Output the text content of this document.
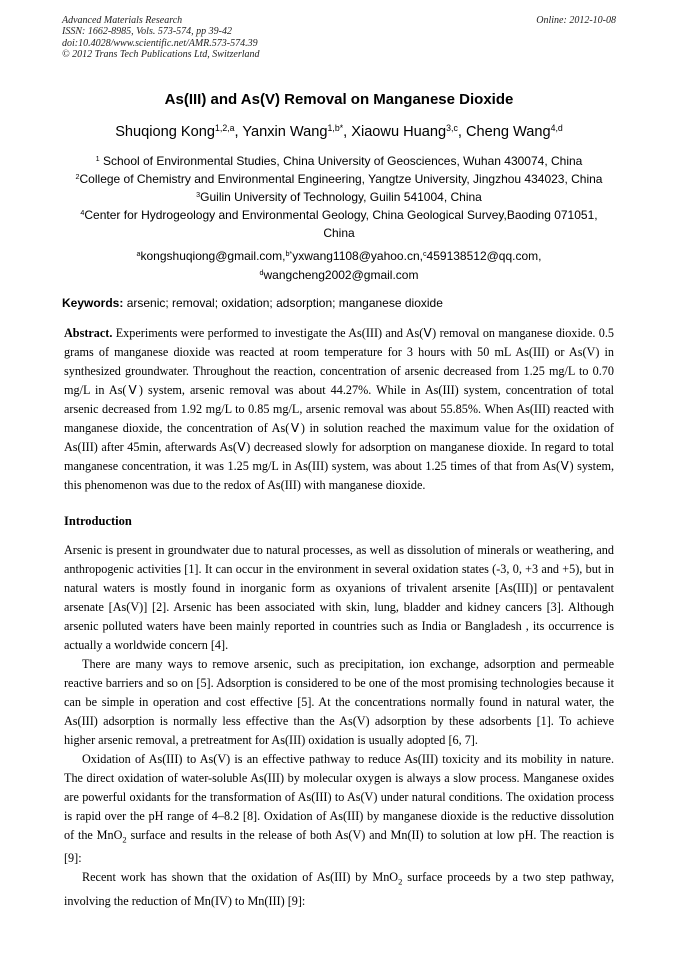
Advanced Materials Research
ISSN: 1662-8985, Vols. 573-574, pp 39-42
doi:10.4028/www.scientific.net/AMR.573-574.39
© 2012 Trans Tech Publications Ltd, Switzerland
Online: 2012-10-08
As(III) and As(V) Removal on Manganese Dioxide
Shuqiong Kong$^{1,2,a}$, Yanxin Wang$^{1,b*}$, Xiaowu Huang$^{3,c}$, Cheng Wang$^{4,d}$
$^1$ School of Environmental Studies, China University of Geosciences, Wuhan 430074, China
$^2$College of Chemistry and Environmental Engineering, Yangtze University, Jingzhou 434023, China
$^3$Guilin University of Technology, Guilin 541004, China
$^4$Center for Hydrogeology and Environmental Geology, China Geological Survey,Baoding 071051,
China
$^a$kongshuqiong@gmail.com,$^{b*}$yxwang1108@yahoo.cn,$^c$459138512@qq.com,
$^d$wangcheng2002@gmail.com
Keywords: arsenic; removal; oxidation; adsorption; manganese dioxide

Abstract. Experiments were performed to investigate the As(III) and As(Ⅴ) removal on manganese dioxide. 0.5 grams of manganese dioxide was reacted at room temperature for 3 hours with 50 mL As(III) or As(V) in synthesized groundwater. Throughout the reaction, concentration of arsenic decreased from 1.25 mg/L to 0.70 mg/L in As(Ⅴ) system, arsenic removal was about 44.27%. While in As(III) system, concentration of total arsenic decreased from 1.92 mg/L to 0.85 mg/L, arsenic removal was about 55.85%. When As(III) reacted with manganese dioxide, the concentration of As(Ⅴ) in solution reached the maximum value for the oxidation of As(III) after 45min, afterwards As(Ⅴ) decreased slowly for adsorption on manganese dioxide. In regard to total manganese concentration, it was 1.25 mg/L in As(III) system, was about 1.25 times of that from As(Ⅴ) system, this phenomenon was due to the redox of As(III) with manganese dioxide.

Introduction

Arsenic is present in groundwater due to natural processes, as well as dissolution of minerals or weathering, and anthropogenic activities [1]. It can occur in the environment in several oxidation states (-3, 0, +3 and +5), but in natural waters is mostly found in inorganic form as oxyanions of trivalent arsenite [As(III)] or pentavalent arsenate [As(V)] [2]. Arsenic has been associated with skin, lung, bladder and kidney cancers [3]. Although arsenic polluted waters have been mainly reported in countries such as India or Bangladesh , its occurrence is actually a worldwide concern [4].

There are many ways to remove arsenic, such as precipitation, ion exchange, adsorption and permeable reactive barriers and so on [5]. Adsorption is considered to be one of the most promising technologies because it can be simple in operation and cost effective [5]. At the concentrations normally found in natural water, the As(III) adsorption is normally less effective than the As(V) adsorption by these adsorbents [1]. To achieve higher arsenic removal, a pretreatment for As(III) oxidation is usually adopted [6, 7].

Oxidation of As(III) to As(V) is an effective pathway to reduce As(III) toxicity and its mobility in nature. The direct oxidation of water-soluble As(III) by molecular oxygen is always a slow process. Manganese oxides are powerful oxidants for the transformation of As(III) to As(V) under natural conditions. The oxidation process is rapid over the pH range of 4–8.2 [8]. Oxidation of As(III) by manganese dioxide is the reductive dissolution of the MnO$_2$ surface and results in the release of both As(V) and Mn(II) to solution at low pH. The reaction is [9]:

Recent work has shown that the oxidation of As(III) by MnO$_2$ surface proceeds by a two step pathway, involving the reduction of Mn(IV) to Mn(III) [9]:
